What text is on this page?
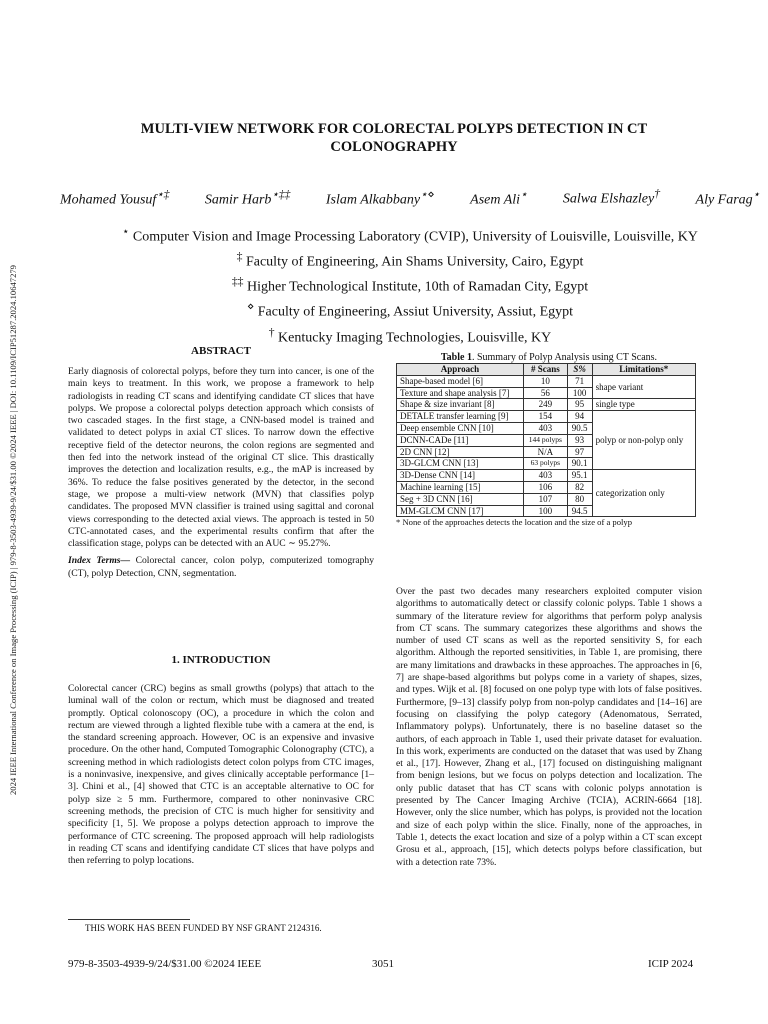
2024 IEEE International Conference on Image Processing (ICIP) | 979-8-3503-4939-9/24/$31.00 ©2024 IEEE | DOI: 10.1109/ICIP51287.2024.10647279
MULTI-VIEW NETWORK FOR COLORECTAL POLYPS DETECTION IN CT
COLONOGRAPHY
Mohamed Yousuf⋆‡	Samir Harb⋆‡‡	Islam Alkabbany⋆⋄	Asem Ali⋆	Salwa Elshazley†	Aly Farag⋆
⋆ Computer Vision and Image Processing Laboratory (CVIP), University of Louisville, Louisville, KY
‡ Faculty of Engineering, Ain Shams University, Cairo, Egypt
‡‡ Higher Technological Institute, 10th of Ramadan City, Egypt
⋄ Faculty of Engineering, Assiut University, Assiut, Egypt
† Kentucky Imaging Technologies, Louisville, KY
ABSTRACT

Early diagnosis of colorectal polyps, before they turn into cancer, is one of the main keys to treatment. In this work, we propose a framework to help radiologists in reading CT scans and identifying candidate CT slices that have polyps. We propose a colorectal polyps detection approach which consists of two cascaded stages. In the first stage, a CNN-based model is trained and validated to detect polyps in axial CT slices. To narrow down the effective receptive field of the detector neurons, the colon regions are segmented and then fed into the network instead of the original CT slice. This drastically improves the detection and localization results, e.g., the mAP is increased by 36%. To reduce the false positives generated by the detector, in the second stage, we propose a multi-view network (MVN) that classifies polyp candidates. The proposed MVN classifier is trained using sagittal and coronal views corresponding to the detected axial views. The approach is tested in 50 CTC-annotated cases, and the experimental results confirm that after the classification stage, polyps can be detected with an AUC ∼ 95.27%.

Index Terms— Colorectal cancer, colon polyp, computerized tomography (CT), polyp Detection, CNN, segmentation.

1. INTRODUCTION

Colorectal cancer (CRC) begins as small growths (polyps) that attach to the luminal wall of the colon or rectum, which must be diagnosed and treated promptly. Optical colonoscopy (OC), a procedure in which the colon and rectum are viewed through a lighted flexible tube with a camera at the end, is the standard screening approach. However, OC is an expensive and invasive procedure. On the other hand, Computed Tomographic Colonography (CTC), a screening method in which radiologists detect colon polyps from CTC images, is a noninvasive, inexpensive, and gives clinically acceptable performance [1–3]. Chini et al., [4] showed that CTC is an acceptable alternative to OC for polyp size ≥ 5 mm. Furthermore, compared to other noninvasive CRC screening methods, the precision of CTC is much higher for sensitivity and specificity [1, 5]. We propose a polyps detection approach to improve the performance of CTC screening. The proposed approach will help radiologists in reading CT scans and identifying candidate CT slices that have polyps and then referring to polyp locations.

THIS WORK HAS BEEN FUNDED BY NSF GRANT 2124316.
Table 1. Summary of Polyp Analysis using CT Scans.
Approach	# Scans	S%	Limitations*
Shape-based model [6]	10	71	shape variant
Texture and shape analysis [7]	56	100	
Shape & size invariant [8]	249	95	single type
DETALE transfer learning [9]	154	94	polyp or non-polyp only
Deep ensemble CNN [10]	403	90.5	
DCNN-CADe [11]	144 polyps	93	
2D CNN [12]	N/A	97	
3D-GLCM CNN [13]	63 polyps	90.1	
3D-Dense CNN [14]	403	95.1	categorization only
Machine learning [15]	106	82	
Seg + 3D CNN [16]	107	80	
MM-GLCM CNN [17]	100	94.5	
* None of the approaches detects the location and the size of a polyp

Over the past two decades many researchers exploited computer vision algorithms to automatically detect or classify colonic polyps. Table 1 shows a summary of the literature review for algorithms that perform polyp analysis from CT scans. The summary categorizes these algorithms and shows the number of used CT scans as well as the reported sensitivity S, for each algorithm. Although the reported sensitivities, in Table 1, are promising, there are many limitations and drawbacks in these approaches. The approaches in [6, 7] are shape-based algorithms but polyps come in a variety of shapes, sizes, and types. Wijk et al. [8] focused on one polyp type with lots of false positives. Furthermore, [9–13] classify polyp from non-polyp candidates and [14–16] are focusing on classifying the polyp category (Adenomatous, Serrated, Inflammatory polyps). Unfortunately, there is no baseline dataset so the authors, of each approach in Table 1, used their private dataset for evaluation. In this work, experiments are conducted on the dataset that was used by Zhang et al., [17]. However, Zhang et al., [17] focused on distinguishing malignant from benign lesions, but we focus on polyps detection and localization. The only public dataset that has CT scans with colonic polyps annotation is presented by The Cancer Imaging Archive (TCIA), ACRIN-6664 [18]. However, only the slice number, which has polyps, is provided not the location and size of each polyp within the slice. Finally, none of the approaches, in Table 1, detects the exact location and size of a polyp within a CT scan except Grosu et al., approach, [15], which detects polyps before classification, but with a detection rate 73%.

979-8-3503-4939-9/24/$31.00 ©2024 IEEE	3051	ICIP 2024
